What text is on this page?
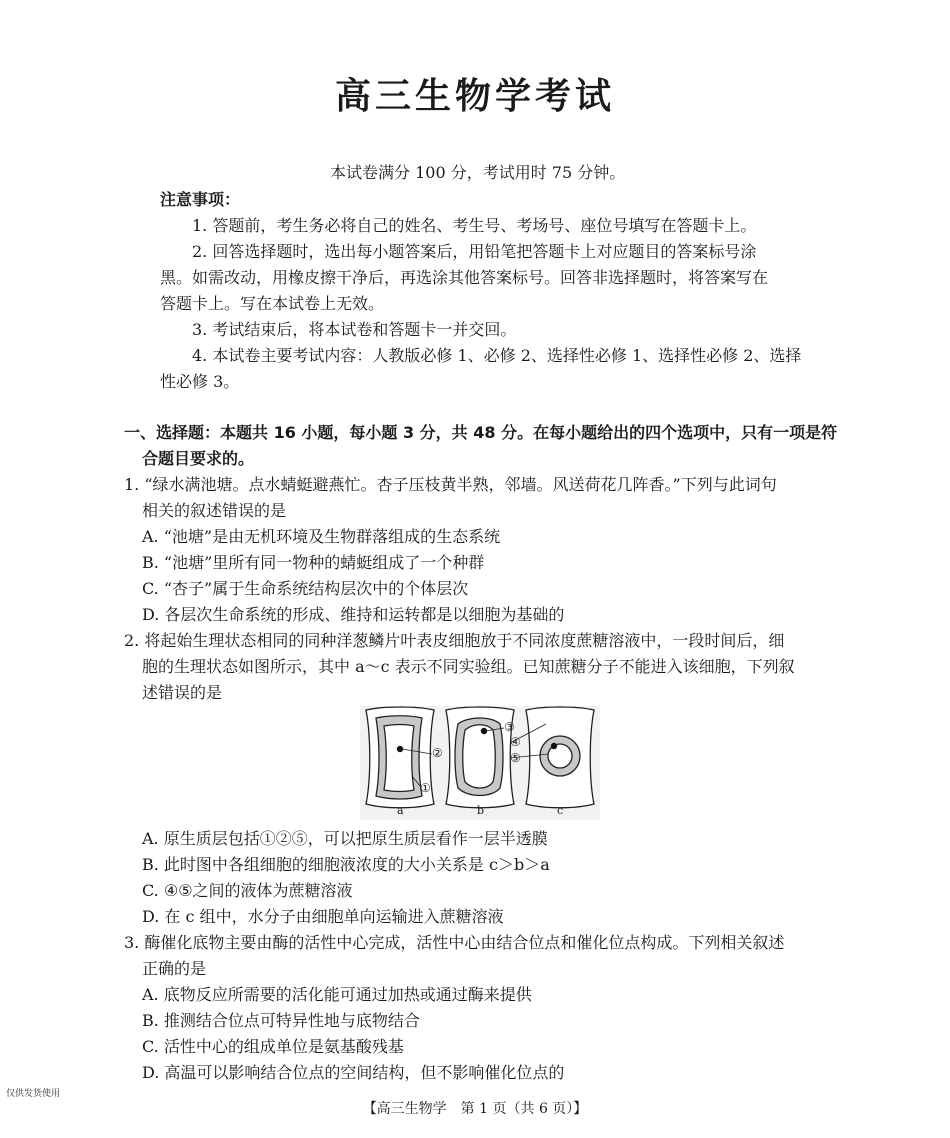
高三生物学考试
本试卷满分 100 分，考试用时 75 分钟。
注意事项：
1. 答题前，考生务必将自己的姓名、考生号、考场号、座位号填写在答题卡上。
2. 回答选择题时，选出每小题答案后，用铅笔把答题卡上对应题目的答案标号涂
黑。如需改动，用橡皮擦干净后，再选涂其他答案标号。回答非选择题时，将答案写在
答题卡上。写在本试卷上无效。
3. 考试结束后，将本试卷和答题卡一并交回。
4. 本试卷主要考试内容：人教版必修 1、必修 2、选择性必修 1、选择性必修 2、选择
性必修 3。
一、选择题：本题共 16 小题，每小题 3 分，共 48 分。在每小题给出的四个选项中，只有一项是符
合题目要求的。
1. “绿水满池塘。点水蜻蜓避燕忙。杏子压枝黄半熟，邻墙。风送荷花几阵香。”下列与此词句
相关的叙述错误的是
A. “池塘”是由无机环境及生物群落组成的生态系统
B. “池塘”里所有同一物种的蜻蜓组成了一个种群
C. “杏子”属于生命系统结构层次中的个体层次
D. 各层次生命系统的形成、维持和运转都是以细胞为基础的
2. 将起始生理状态相同的同种洋葱鳞片叶表皮细胞放于不同浓度蔗糖溶液中，一段时间后，细
胞的生理状态如图所示，其中 a～c 表示不同实验组。已知蔗糖分子不能进入该细胞，下列叙
述错误的是
②
①
③
④
⑤
a	b	c
A. 原生质层包括①②⑤，可以把原生质层看作一层半透膜
B. 此时图中各组细胞的细胞液浓度的大小关系是 c＞b＞a
C. ④⑤之间的液体为蔗糖溶液
D. 在 c 组中，水分子由细胞单向运输进入蔗糖溶液
3. 酶催化底物主要由酶的活性中心完成，活性中心由结合位点和催化位点构成。下列相关叙述
正确的是
A. 底物反应所需要的活化能可通过加热或通过酶来提供
B. 推测结合位点可特异性地与底物结合
C. 活性中心的组成单位是氨基酸残基
D. 高温可以影响结合位点的空间结构，但不影响催化位点的
仅供发货使用
【高三生物学　第 1 页（共 6 页）】
